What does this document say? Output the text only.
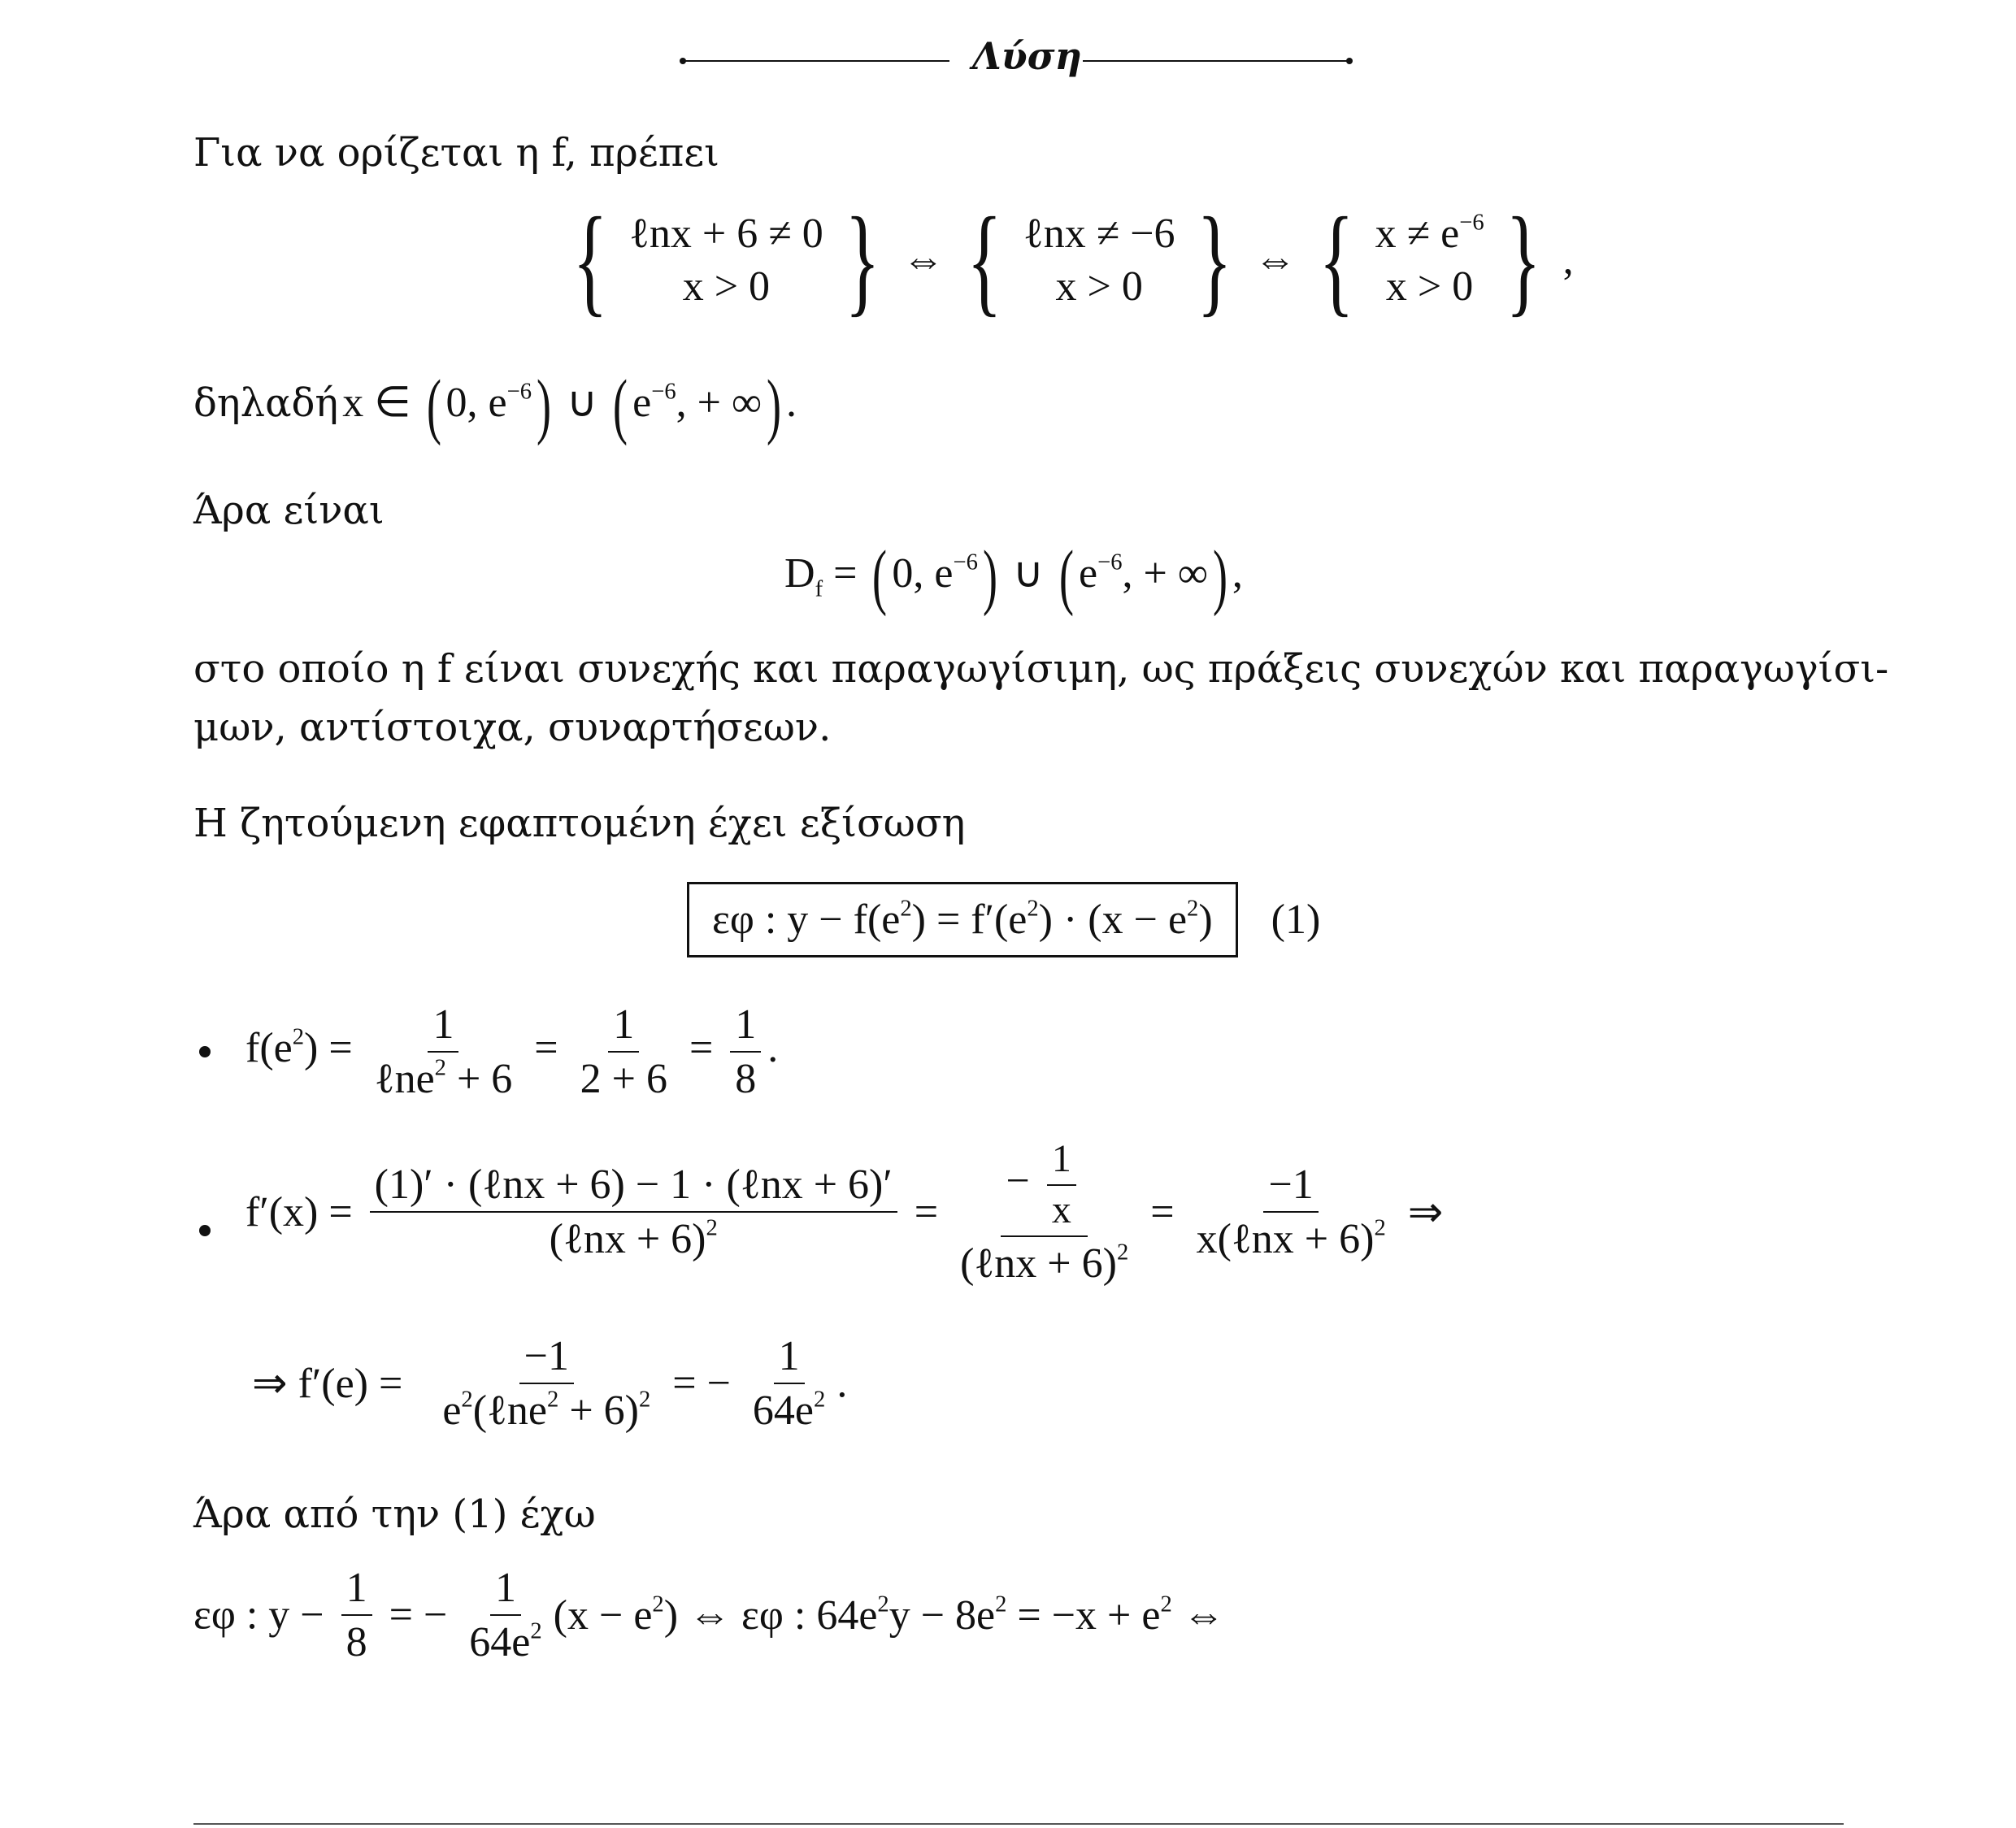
Λύση
Για να ορίζεται η f, πρέπει
{ ℓnx + 6 ≠ 0
x > 0 } ⇔ { ℓnx ≠ −6
x > 0 } ⇔ { $x \ne e^{-6}$
x > 0 } ,
δηλαδή x ∈ ( 0, $e^{-6}$) ∪ ( $e^{-6}$, + ∞) .
Άρα είναι
$D_f$ = ( 0, $e^{-6}$) ∪ ( $e^{-6}$, + ∞) ,
στο οποίο η f είναι συνεχής και παραγωγίσιμη, ως πράξεις συνεχών και παραγωγίσι-
μων, αντίστοιχα, συναρτήσεων.
Η ζητούμενη εφαπτομένη έχει εξίσωση
εφ : $y - f(e^2) = f'(e^2) \cdot (x - e^2)$ (1)
$f(e^2) = \frac{1}{\ell ne^2 + 6} = \frac{1}{2 + 6} = \frac{1}{8}$ .
$f'(x) = \frac{\text{(1)′ · (ℓnx + 6) − 1 · (ℓnx + 6)′}}{(\ell nx + 6)^2} = \frac{- \frac{1}{x}}{(\ell nx + 6)^2} = \frac{-1}{x(\ell nx + 6)^2}$ ⇒
⇒ $f'(e) = \frac{-1}{e^2(\ell ne^2 + 6)^2}$ = − $\frac{1}{64e^2}$ .
Άρα από την (1) έχω
εφ : $y - \frac{1}{8}$ = − $\frac{1}{64e^2} (x - e^2)$ ⇔ εφ : $64e^2y - 8e^2 = -x + e^2$ ⇔
